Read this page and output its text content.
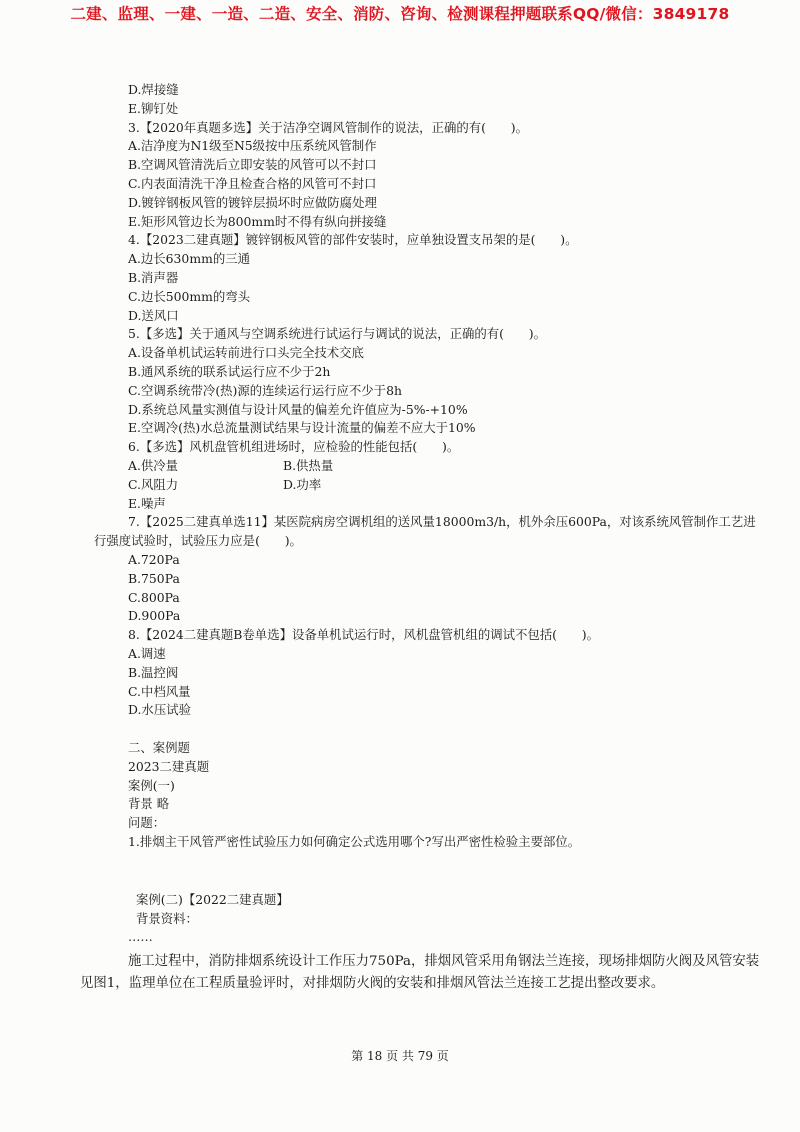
二建、监理、一建、一造、二造、安全、消防、咨询、检测课程押题联系QQ/微信：3849178
D.焊接缝
E.铆钉处
3.【2020年真题多选】关于洁净空调风管制作的说法，正确的有(　　)。
A.洁净度为N1级至N5级按中压系统风管制作
B.空调风管清洗后立即安装的风管可以不封口
C.内表面清洗干净且检查合格的风管可不封口
D.镀锌钢板风管的镀锌层损坏时应做防腐处理
E.矩形风管边长为800mm时不得有纵向拼接缝
4.【2023二建真题】镀锌钢板风管的部件安装时，应单独设置支吊架的是(　　)。
A.边长630mm的三通
B.消声器
C.边长500mm的弯头
D.送风口
5.【多选】关于通风与空调系统进行试运行与调试的说法，正确的有(　　)。
A.设备单机试运转前进行口头完全技术交底
B.通风系统的联系试运行应不少于2h
C.空调系统带冷(热)源的连续运行运行应不少于8h
D.系统总风量实测值与设计风量的偏差允许值应为-5%-+10%
E.空调冷(热)水总流量测试结果与设计流量的偏差不应大于10%
6.【多选】风机盘管机组进场时，应检验的性能包括(　　)。
A.供冷量	B.供热量
C.风阻力	D.功率
E.噪声
7.【2025二建真单选11】某医院病房空调机组的送风量18000m3/h，机外余压600Pa，对该系统风管制作工艺进行强度试验时，试验压力应是(　　)。
A.720Pa
B.750Pa
C.800Pa
D.900Pa
8.【2024二建真题B卷单选】设备单机试运行时，风机盘管机组的调试不包括(　　)。
A.调速
B.温控阀
C.中档风量
D.水压试验
二、案例题
2023二建真题
案例(一)
背景 略
问题：
1.排烟主干风管严密性试验压力如何确定公式选用哪个?写出严密性检验主要部位。
案例(二)【2022二建真题】
背景资料：
……
施工过程中，消防排烟系统设计工作压力750Pa，排烟风管采用角钢法兰连接，现场排烟防火阀及风管安装见图1，监理单位在工程质量验评时，对排烟防火阀的安装和排烟风管法兰连接工艺提出整改要求。
第 18 页 共 79 页
